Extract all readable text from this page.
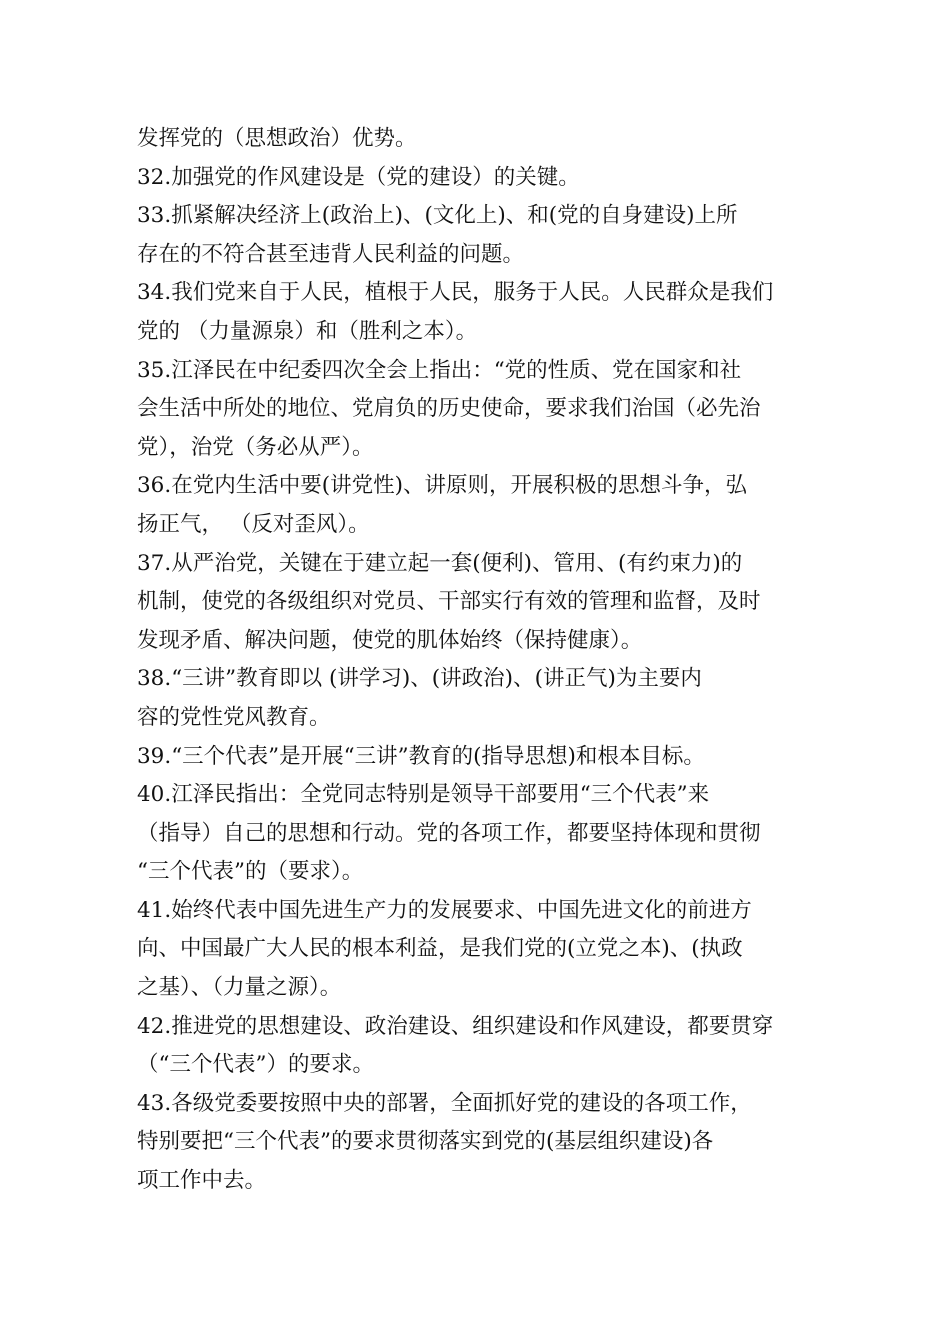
发挥党的（思想政治）优势。
32.加强党的作风建设是（党的建设）的关键。
33.抓紧解决经济上(政治上)、(文化上)、和(党的自身建设)上所
存在的不符合甚至违背人民利益的问题。
34.我们党来自于人民，植根于人民，服务于人民。人民群众是我们
党的 （力量源泉）和（胜利之本）。
35.江泽民在中纪委四次全会上指出：“党的性质、党在国家和社
会生活中所处的地位、党肩负的历史使命，要求我们治国（必先治
党），治党（务必从严）。
36.在党内生活中要(讲党性)、讲原则，开展积极的思想斗争，弘
扬正气， （反对歪风）。
37.从严治党，关键在于建立起一套(便利)、管用、(有约束力)的
机制，使党的各级组织对党员、干部实行有效的管理和监督，及时
发现矛盾、解决问题，使党的肌体始终（保持健康）。
38.“三讲”教育即以 (讲学习)、(讲政治)、(讲正气)为主要内
容的党性党风教育。
39.“三个代表”是开展“三讲”教育的(指导思想)和根本目标。
40.江泽民指出：全党同志特别是领导干部要用“三个代表”来
（指导）自己的思想和行动。党的各项工作，都要坚持体现和贯彻
“三个代表”的（要求）。
41.始终代表中国先进生产力的发展要求、中国先进文化的前进方
向、中国最广大人民的根本利益，是我们党的(立党之本)、(执政
之基）、（力量之源）。
42.推进党的思想建设、政治建设、组织建设和作风建设，都要贯穿
（“三个代表”）的要求。
43.各级党委要按照中央的部署，全面抓好党的建设的各项工作，
特别要把“三个代表”的要求贯彻落实到党的(基层组织建设)各
项工作中去。
